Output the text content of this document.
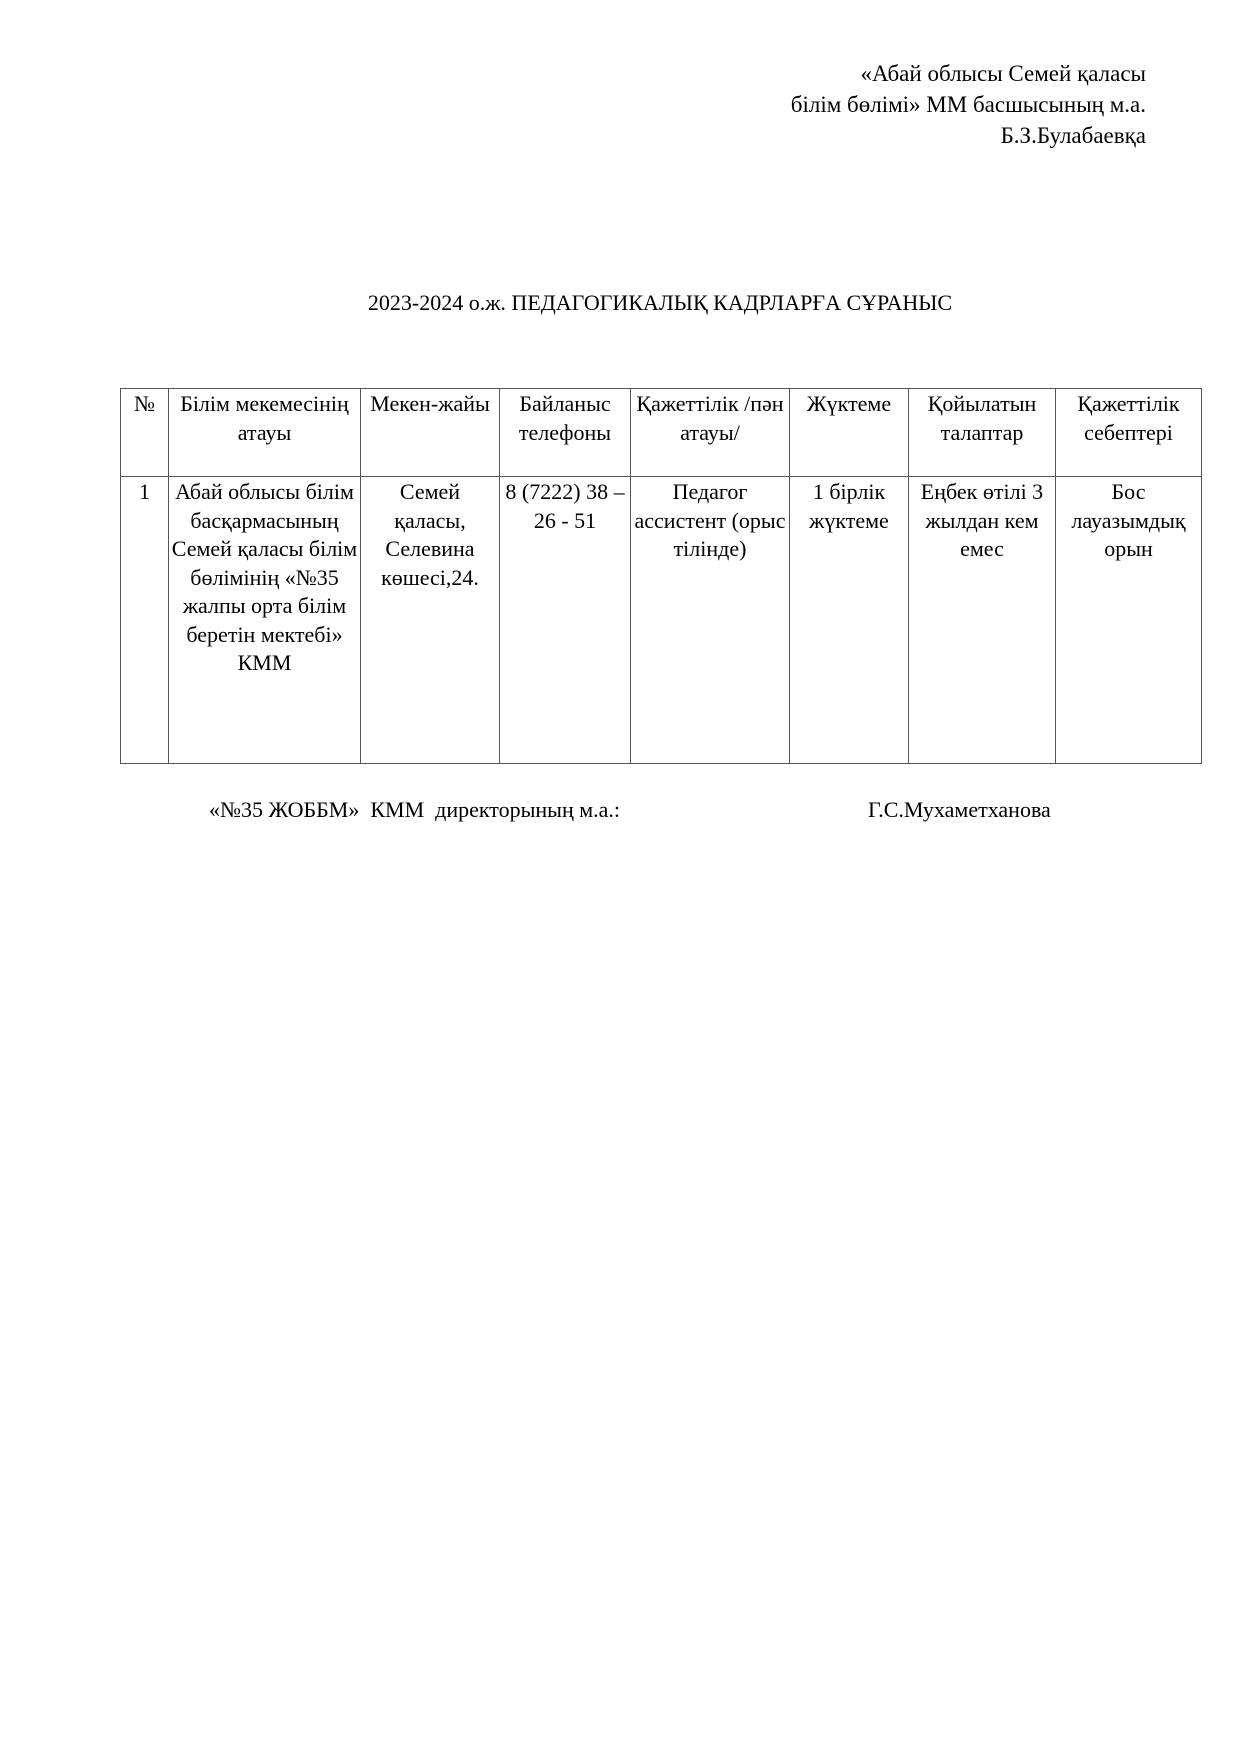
«Абай облысы Семей қаласы
білім бөлімі» ММ басшысының м.а.
Б.З.Булабаевқа
2023-2024 о.ж. ПЕДАГОГИКАЛЫҚ КАДРЛАРҒА СҰРАНЫС
№	Білім мекемесінің атауы	Мекен-жайы	Байланыс телефоны	Қажеттілік /пән атауы/	Жүктеме	Қойылатын талаптар	Қажеттілік себептері
1	Абай облысы білім басқармасының Семей қаласы білім бөлімінің «№35 жалпы орта білім беретін мектебі» КММ	Семей қаласы, Селевина көшесі,24.	8 (7222) 38 – 26 - 51	Педагог ассистент (орыс тілінде)	1 бірлік жүктеме	Еңбек өтілі 3 жылдан кем емес	Бос лауазымдық орын
«№35 ЖОББМ»  КММ  директорының м.а.:	Г.С.Мухаметханова
